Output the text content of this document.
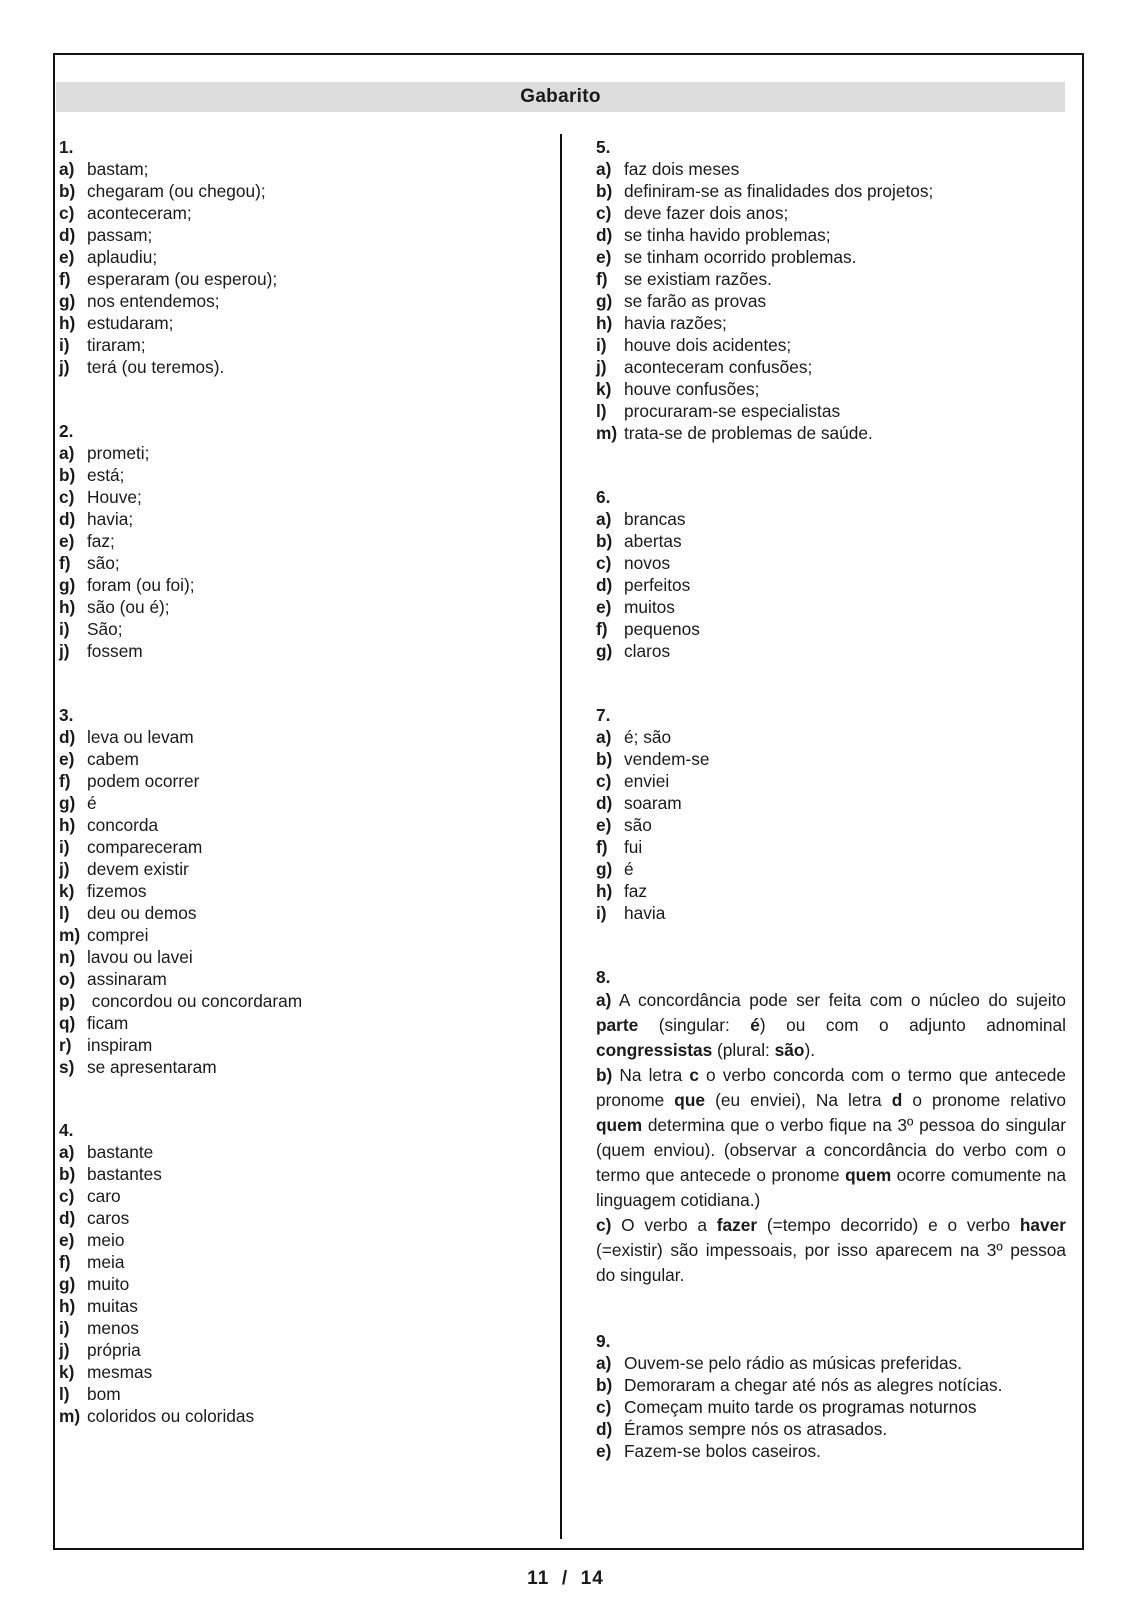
Gabarito
1.
a) bastam;
b) chegaram (ou chegou);
c) aconteceram;
d) passam;
e) aplaudiu;
f) esperaram (ou esperou);
g) nos entendemos;
h) estudaram;
i)	tiraram;
j)	terá (ou teremos).
2.
a) prometi;
b) está;
c) Houve;
d) havia;
e) faz;
f) são;
g) foram (ou foi);
h) são (ou é);
i)	São;
j)	fossem
3.
d) leva ou levam
e) cabem
f) podem ocorrer
g) é
h) concorda
i)	compareceram
j)	devem existir
k) fizemos
l)	deu ou demos
m) comprei
n) lavou ou lavei
o) assinaram
p) concordou ou concordaram
q) ficam
r) inspiram
s) se apresentaram
4.
a) bastante
b) bastantes
c) caro
d) caros
e) meio
f) meia
g) muito
h) muitas
i)	menos
j)	própria
k) mesmas
l)	bom
m) coloridos ou coloridas
5.
a) faz dois meses
b) definiram-se as finalidades dos projetos;
c) deve fazer dois anos;
d) se tinha havido problemas;
e) se tinham ocorrido problemas.
f) se existiam razões.
g) se farão as provas
h) havia razões;
i)	houve dois acidentes;
j)	aconteceram confusões;
k) houve confusões;
l)	procuraram-se especialistas
m) trata-se de problemas de saúde.
6.
a) brancas
b) abertas
c) novos
d) perfeitos
e) muitos
f) pequenos
g) claros
7.
a) é; são
b) vendem-se
c) enviei
d) soaram
e) são
f) fui
g) é
h) faz
i)	havia
8.

a) A concordância pode ser feita com o núcleo do sujeito parte (singular: é) ou com o adjunto adnominal congressistas (plural: são).

b) Na letra c o verbo concorda com o termo que antecede pronome que (eu enviei), Na letra d o pronome relativo quem determina que o verbo fique na 3º pessoa do singular (quem enviou). (observar a concordância do verbo com o termo que antecede o pronome quem ocorre comumente na linguagem cotidiana.)

c) O verbo a fazer (=tempo decorrido) e o verbo haver (=existir) são impessoais, por isso aparecem na 3º pessoa do singular.

9.
a) Ouvem-se pelo rádio as músicas preferidas.
b) Demoraram a chegar até nós as alegres notícias.
c) Começam muito tarde os programas noturnos
d) Éramos sempre nós os atrasados.
e) Fazem-se bolos caseiros.
11 / 14
